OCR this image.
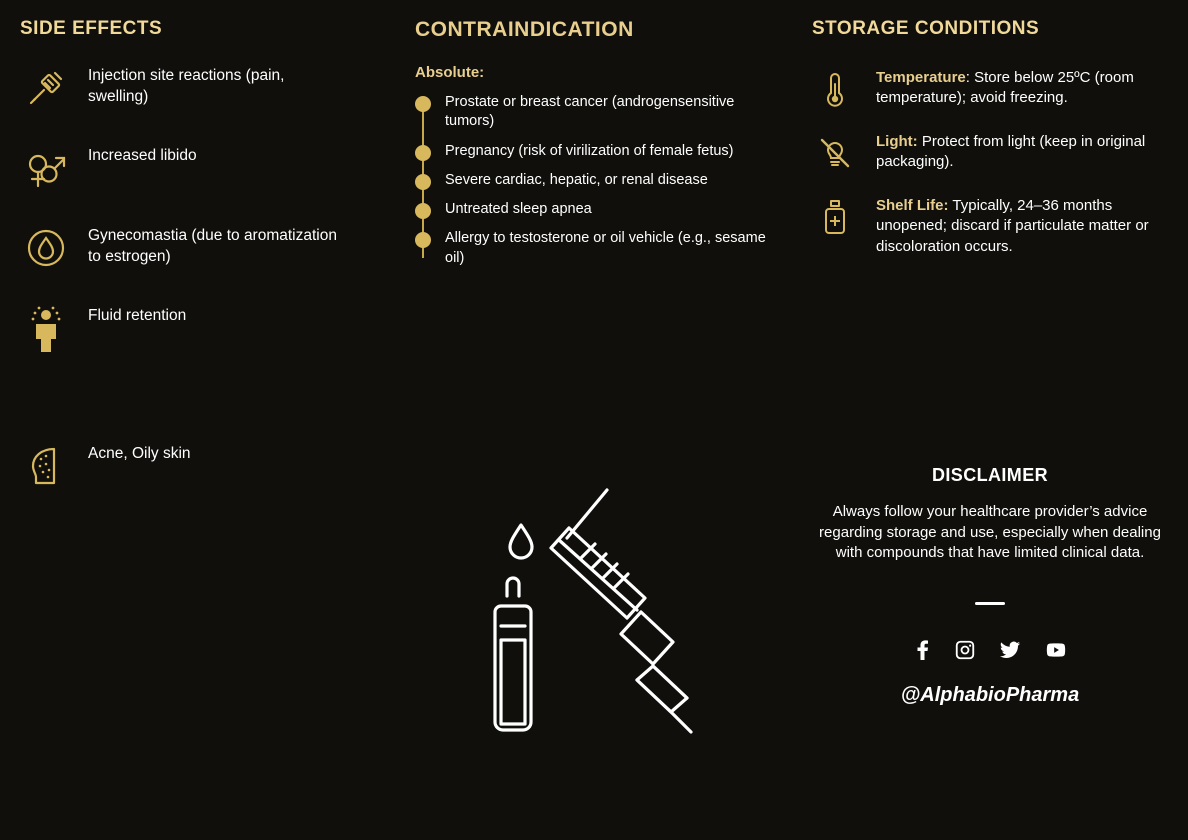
SIDE EFFECTS
Injection site reactions (pain, swelling)
Increased libido
Gynecomastia (due to aromatization to estrogen)
Fluid retention
Acne, Oily skin
CONTRAINDICATION
Absolute:
Prostate or breast cancer (androgensensitive tumors)
Pregnancy (risk of virilization of female fetus)
Severe cardiac, hepatic, or renal disease
Untreated sleep apnea
Allergy to testosterone or oil vehicle (e.g., sesame oil)
STORAGE CONDITIONS
Temperature: Store below 25ºC (room temperature); avoid freezing.
Light: Protect from light (keep in original packaging).
Shelf Life: Typically, 24–36 months unopened; discard if particulate matter or discoloration occurs.
DISCLAIMER

Always follow your healthcare provider’s advice regarding storage and use, especially when dealing with compounds that have limited clinical data.

@AlphabioPharma
